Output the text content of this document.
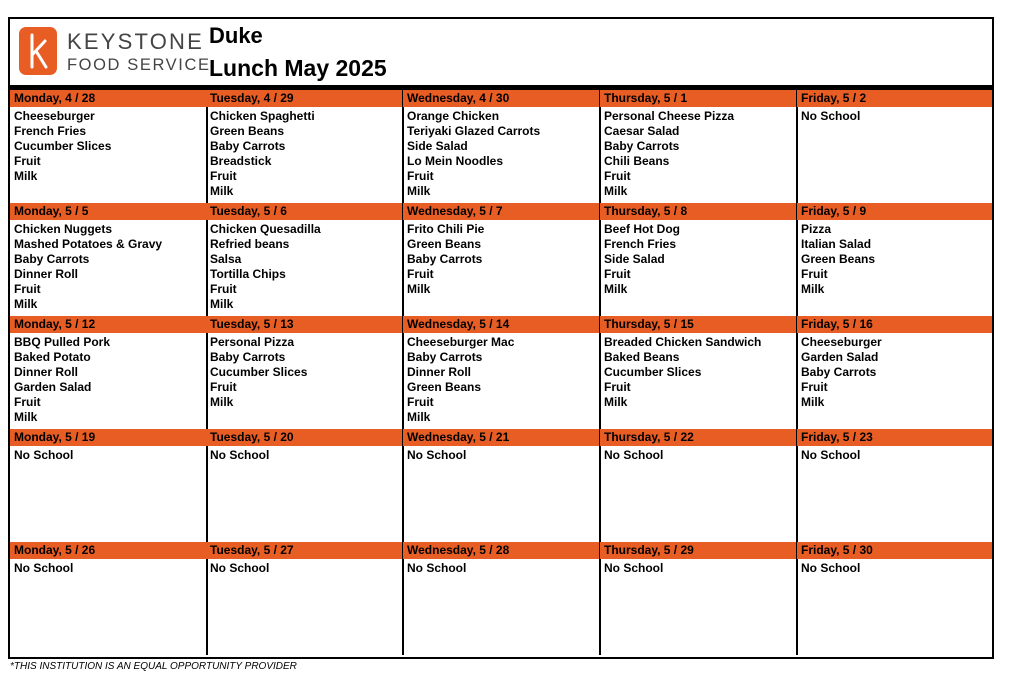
KEYSTONE
FOOD SERVICE
Duke
Lunch May 2025
Monday, 4 / 28
Cheeseburger
French Fries
Cucumber Slices
Fruit
Milk
Tuesday, 4 / 29
Chicken Spaghetti
Green Beans
Baby Carrots
Breadstick
Fruit
Milk
Wednesday, 4 / 30
Orange Chicken
Teriyaki Glazed Carrots
Side Salad
Lo Mein Noodles
Fruit
Milk
Thursday, 5 / 1
Personal Cheese Pizza
Caesar Salad
Baby Carrots
Chili Beans
Fruit
Milk
Friday, 5 / 2
No School
Monday, 5 / 5
Chicken Nuggets
Mashed Potatoes & Gravy
Baby Carrots
Dinner Roll
Fruit
Milk
Tuesday, 5 / 6
Chicken Quesadilla
Refried beans
Salsa
Tortilla Chips
Fruit
Milk
Wednesday, 5 / 7
Frito Chili Pie
Green Beans
Baby Carrots
Fruit
Milk
Thursday, 5 / 8
Beef Hot Dog
French Fries
Side Salad
Fruit
Milk
Friday, 5 / 9
Pizza
Italian Salad
Green Beans
Fruit
Milk
Monday, 5 / 12
BBQ Pulled Pork
Baked Potato
Dinner Roll
Garden Salad
Fruit
Milk
Tuesday, 5 / 13
Personal Pizza
Baby Carrots
Cucumber Slices
Fruit
Milk
Wednesday, 5 / 14
Cheeseburger Mac
Baby Carrots
Dinner Roll
Green Beans
Fruit
Milk
Thursday, 5 / 15
Breaded Chicken Sandwich
Baked Beans
Cucumber Slices
Fruit
Milk
Friday, 5 / 16
Cheeseburger
Garden Salad
Baby Carrots
Fruit
Milk
Monday, 5 / 19
No School
Tuesday, 5 / 20
No School
Wednesday, 5 / 21
No School
Thursday, 5 / 22
No School
Friday, 5 / 23
No School
Monday, 5 / 26
No School
Tuesday, 5 / 27
No School
Wednesday, 5 / 28
No School
Thursday, 5 / 29
No School
Friday, 5 / 30
No School
*THIS INSTITUTION IS AN EQUAL OPPORTUNITY PROVIDER
